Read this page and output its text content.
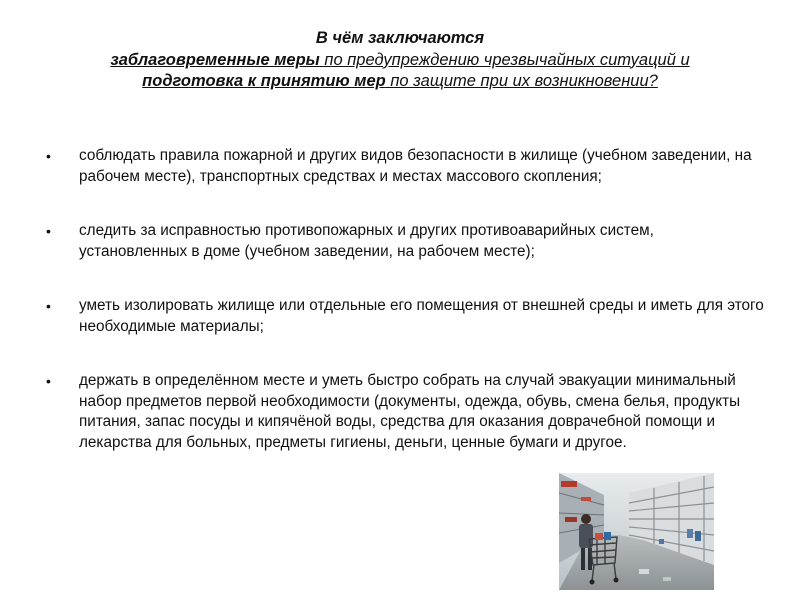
В чём заключаются
заблаговременные меры по предупреждению чрезвычайных ситуаций и
подготовка к принятию мер по защите при их возникновении?
• соблюдать правила пожарной и других видов безопасности в жилище (учебном заведении, на рабочем месте), транспортных средствах и местах массового скопления;
• следить за исправностью противопожарных и других противоаварийных систем, установленных в доме (учебном заведении, на рабочем месте);
• уметь изолировать жилище или отдельные его помещения от внешней среды и иметь для этого необходимые материалы;
• держать в определённом месте и уметь быстро собрать на случай эвакуации минимальный набор предметов первой необходимости (документы, одежда, обувь, смена белья, продукты питания, запас посуды и кипячёной воды, средства для оказания доврачебной помощи и лекарства для больных, предметы гигиены, деньги, ценные бумаги и другое.
